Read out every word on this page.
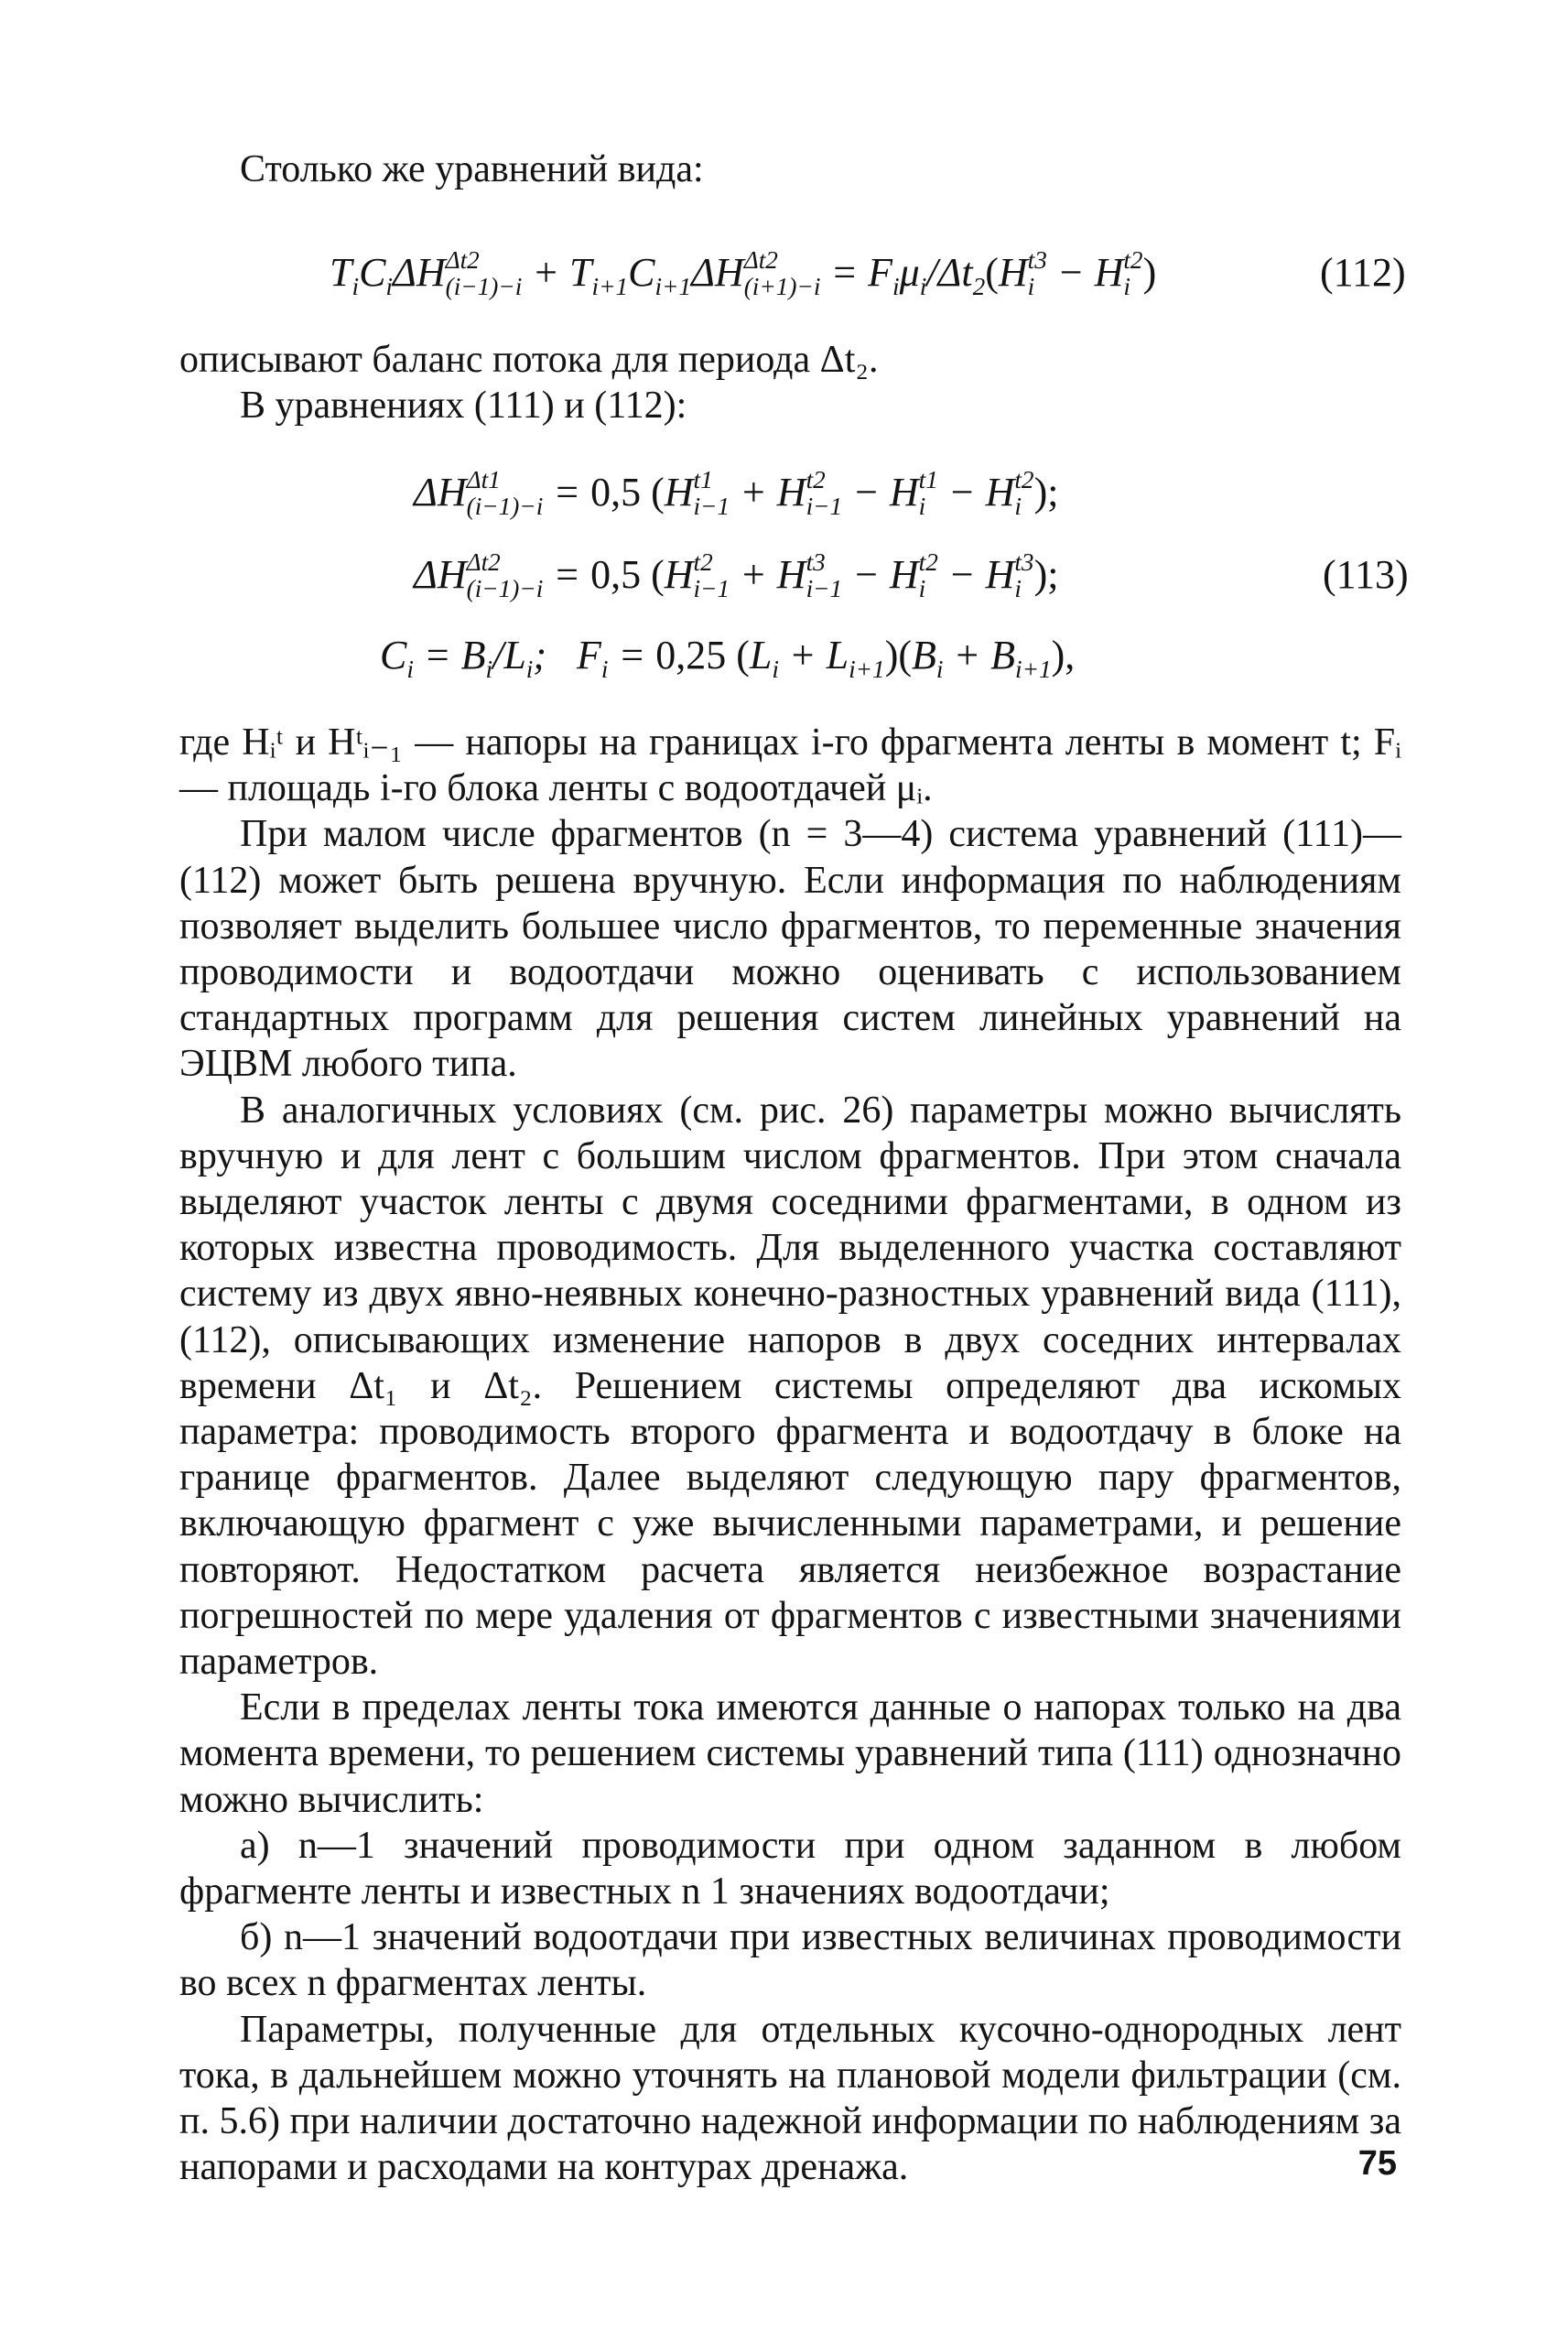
Столько же уравнений вида:

$T_iC_i\Delta H$ Δt2
$(i-1)-i + T_{i+1}C_{i+1}\Delta H$ Δt2
$(i+1)-i = F_i\mu_i/\Delta t_2(H$ t3
i − H t2
i )	(112)

описывают баланс потока для периода Δt₂.

В уравнениях (111) и (112):

ΔH Δt1
(i−1)−i = 0,5 (H t1
i−1 + H t2
i−1 − H t1
i − H t2
i );
ΔH Δt2
(i−1)−i = 0,5 (H t2
i−1 + H t3
i−1 − H t2
i − H t3
i );	(113)
$C_i = B_i/L_i$;   $F_i = 0,25$ $(L_i + L_{i+1})(B_i + B_{i+1})$,

где Hᵢᵗ и Hᵗᵢ₋₁ — напоры на границах i-го фрагмента ленты в момент t; Fᵢ — площадь i-го блока ленты с водоотдачей μᵢ.

При малом числе фрагментов (n = 3—4) система уравнений (111)—(112) может быть решена вручную. Если информация по наблюдениям позволяет выделить большее число фрагментов, то переменные значения проводимости и водоотдачи можно оценивать с использованием стандартных программ для решения систем линейных уравнений на ЭЦВМ любого типа.

В аналогичных условиях (см. рис. 26) параметры можно вычислять вручную и для лент с большим числом фрагментов. При этом сначала выделяют участок ленты с двумя соседними фрагментами, в одном из которых известна проводимость. Для выделенного участка составляют систему из двух явно-неявных конечно-разностных уравнений вида (111), (112), описывающих изменение напоров в двух соседних интервалах времени Δt₁ и Δt₂. Решением системы определяют два искомых параметра: проводимость второго фрагмента и водоотдачу в блоке на границе фрагментов. Далее выделяют следующую пару фрагментов, включающую фрагмент с уже вычисленными параметрами, и решение повторяют. Недостатком расчета является неизбежное возрастание погрешностей по мере удаления от фрагментов с известными значениями параметров.

Если в пределах ленты тока имеются данные о напорах только на два момента времени, то решением системы уравнений типа (111) однозначно можно вычислить:

а) n—1 значений проводимости при одном заданном в любом фрагменте ленты и известных n 1 значениях водоотдачи;

б) n—1 значений водоотдачи при известных величинах проводимости во всех n фрагментах ленты.

Параметры, полученные для отдельных кусочно-однородных лент тока, в дальнейшем можно уточнять на плановой модели фильтрации (см. п. 5.6) при наличии достаточно надежной информации по наблюдениям за напорами и расходами на контурах дренажа.	75
